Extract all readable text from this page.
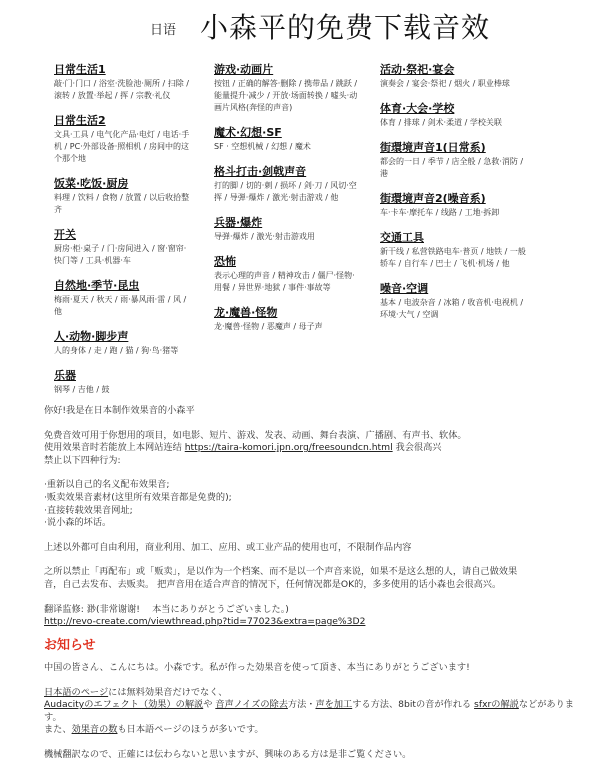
日语 小森平的免费下载音效
日常生活1
敲·门·门口 / 浴室·洗脸池·厕所 / 扫除 / 滚转 / 放置·举起 / 挥 / 宗教·礼仪
日常生活2
文具·工具 / 电气化产品·电灯 / 电话·手机 / PC·外部设备·照相机 / 房间中的这个那个地
饭菜·吃饭·厨房
料理 / 饮料 / 食物 / 放置 / 以后收拾整齐
开关
厨房·柜·桌子 / 门·房间进入 / 窗·窗帘·快门等 / 工具·机器·车
自然地·季节·昆虫
梅雨·夏天 / 秋天 / 雨·暴风雨·雷 / 风 / 他
人·动物·脚步声
人的身体 / 走 / 跑 / 猫 / 狗·鸟·猪等
乐器
钢琴 / 吉他 / 鼓
游戏·动画片
按钮 / 正确的解答·删除 / 携带品 / 跳跃 / 能量提升·减少 / 开放·场面转换 / 嘘头·动画片风格(奔怪的声音)
魔术·幻想·SF
SF · 空想机械 / 幻想 / 魔术
格斗打击·剑戟声音
打的脚 / 切的·刺 / 损坏 / 剑·刀 / 风切·空挥 / 导弹·爆炸 / 激光·射击游戏 / 他
兵器·爆炸
导弹·爆炸 / 激光·射击游戏用
恐怖
表示心理的声音 / 精神攻击 / 僵尸·怪物·用餐 / 异世界·地狱 / 事件·事故等
龙·魔兽·怪物
龙·魔兽·怪物 / 恶魔声 / 母子声
活动·祭祀·宴会
演奏会 / 宴会·祭祀 / 烟火 / 职业棒球
体育·大会·学校
体育 / 排球 / 剑术·柔道 / 学校关联
街環境声音1(日常系)
都会的一日 / 季节 / 店全般 / 急救·消防 / 港
街環境声音2(噪音系)
车·卡车·摩托车 / 线路 / 工地·拆卸
交通工具
新干线 / 私营铁路电车·普页 / 地铁 / 一般轿车 / 自行车 / 巴士 / 飞机·机场 / 他
噪音·空调
基本 / 电波杂音 / 冰箱 / 收音机·电视机 / 环境·大气 / 空调

你好!我是在日本制作效果音的小森平

免费音效可用于你想用的项目，如电影、短片、游戏、发表、动画、舞台表演、广播剧、有声书、软体。

使用效果音时若能放上本网站连结 https://taira-komori.jpn.org/freesoundcn.html 我会很高兴

禁止以下四种行为:

·重新以自己的名义配布效果音;

·贩卖效果音素材(这里所有效果音都是免费的);

·直接转载效果音网址;

·说小森的坏话。

上述以外都可自由利用，商业利用、加工、应用、或工业产品的使用也可，不限制作品内容

之所以禁止「再配布」或「贩卖」，是以作为一个档案、而不是以一个声音来说，如果不是这么想的人，请自己做效果

音，自己去发布、去贩卖。 把声音用在适合声音的情况下，任何情况都是OK的，多多使用的话小森也会很高兴。

翻译监修: 渺(非常谢谢!　 本当にありがとうございました。)

http://revo-create.com/viewthread.php?tid=77023&extra=page%3D2

お知らせ

中国の皆さん、こんにちは。小森です。私が作った効果音を使って頂き、本当にありがとうございます!

日本語のページには無料効果音だけでなく、
Audacityのエフェクト（効果）の解説や 音声ノイズの除去方法・声を加工する方法、8bitの音が作れる sfxrの解説などがあります。
また、効果音の数も日本語ページのほうが多いです。

機械翻訳なので、正確には伝わらないと思いますが、興味のある方は是非ご覧ください。
